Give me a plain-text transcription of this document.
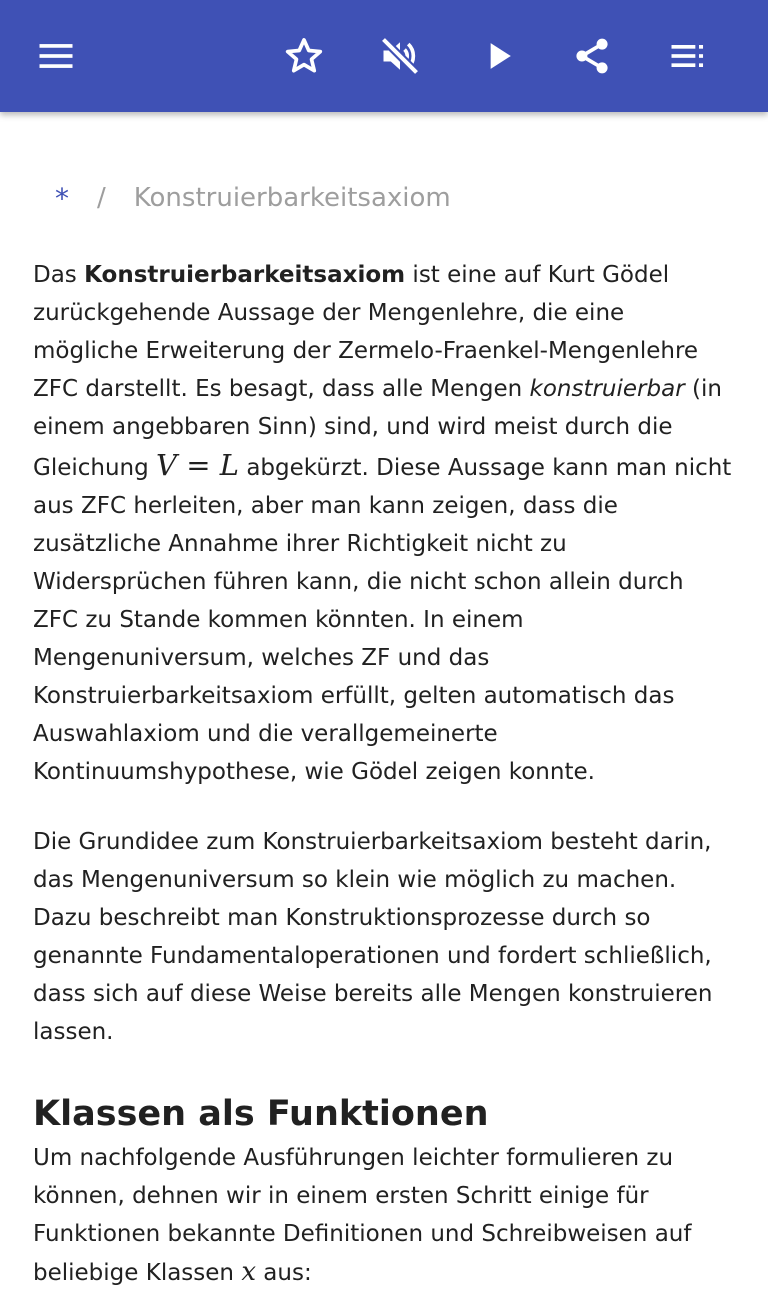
* / Konstruierbarkeitsaxiom

Das Konstruierbarkeitsaxiom ist eine auf Kurt Gödel zurückgehende Aussage der Mengenlehre, die eine mögliche Erweiterung der Zermelo-Fraenkel-Mengenlehre ZFC darstellt. Es besagt, dass alle Mengen konstruierbar (in einem angebbaren Sinn) sind, und wird meist durch die Gleichung V = L abgekürzt. Diese Aussage kann man nicht aus ZFC herleiten, aber man kann zeigen, dass die zusätzliche Annahme ihrer Richtigkeit nicht zu Widersprüchen führen kann, die nicht schon allein durch ZFC zu Stande kommen könnten. In einem Mengenuniversum, welches ZF und das Konstruierbarkeitsaxiom erfüllt, gelten automatisch das Auswahlaxiom und die verallgemeinerte Kontinuumshypothese, wie Gödel zeigen konnte.

Die Grundidee zum Konstruierbarkeitsaxiom besteht darin, das Mengenuniversum so klein wie möglich zu machen. Dazu beschreibt man Konstruktionsprozesse durch so genannte Fundamentaloperationen und fordert schließlich, dass sich auf diese Weise bereits alle Mengen konstruieren lassen.

Klassen als Funktionen

Um nachfolgende Ausführungen leichter formulieren zu können, dehnen wir in einem ersten Schritt einige für Funktionen bekannte Definitionen und Schreibweisen auf beliebige Klassen x aus:
